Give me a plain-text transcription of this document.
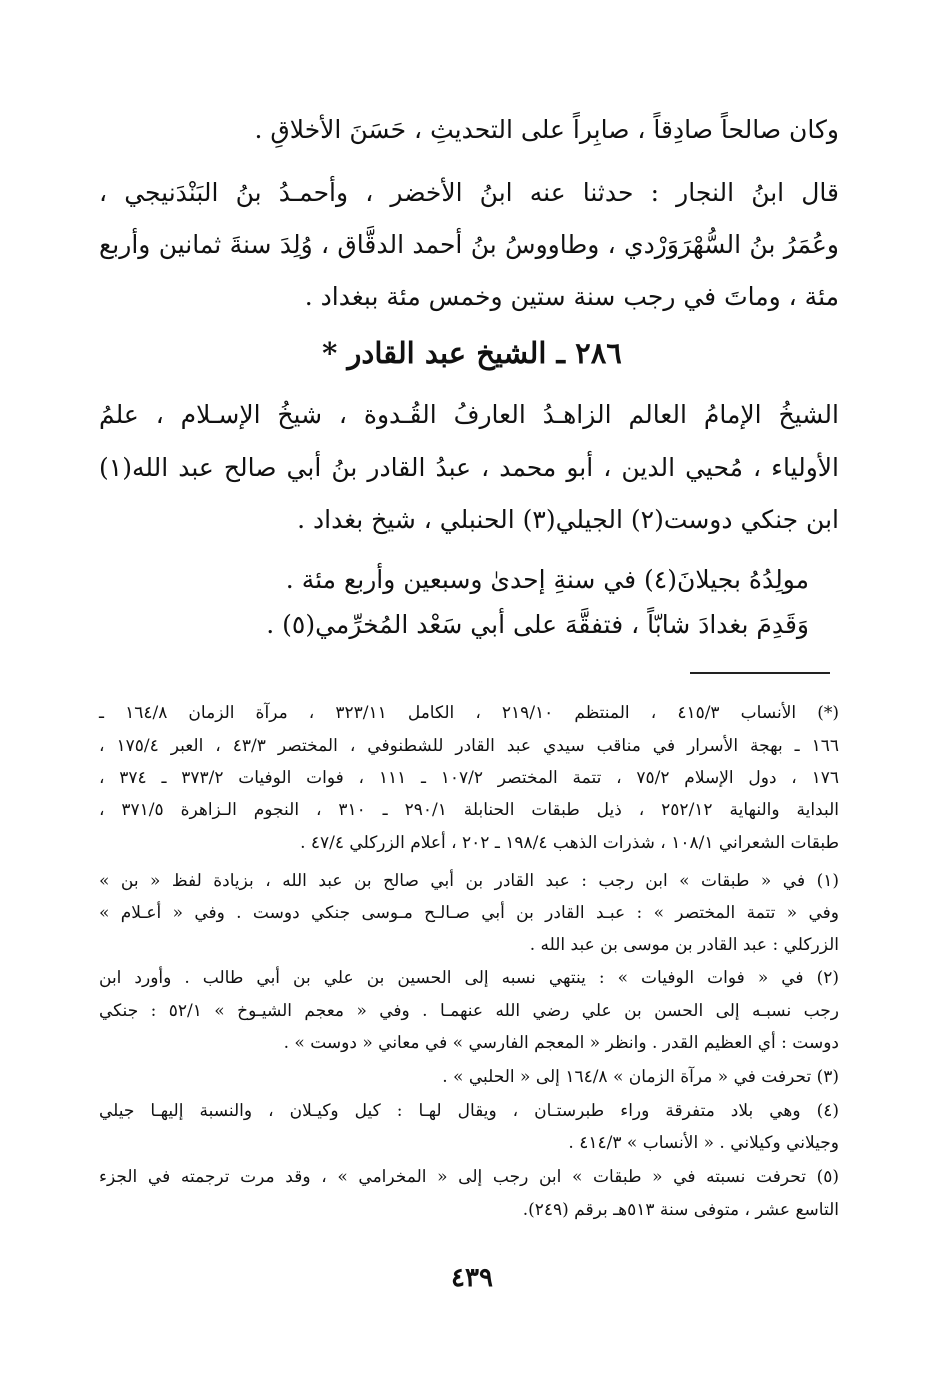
وكان صالحاً صادِقاً ، صابِراً على التحديثِ ، حَسَنَ الأخلاقِ .
قال ابنُ النجار : حدثنا عنه ابنُ الأخضر ، وأحمـدُ بنُ البَنْدَنيجي ،
وعُمَرُ بنُ السُّهْرَوَرْدي ، وطاووسُ بنُ أحمد الدقَّاق ، وُلِدَ سنةَ ثمانين وأربع
مئة ، وماتَ في رجب سنة ستين وخمس مئة ببغداد .
٢٨٦ ـ الشيخ عبد القادر *
الشيخُ الإمامُ العالم الزاهـدُ العارفُ القُـدوة ، شيخُ الإسـلام ، علمُ
الأولياء ، مُحيي الدين ، أبو محمد ، عبدُ القادر بنُ أبي صالح عبد الله(١)
ابن جنكي دوست(٢) الجيلي(٣) الحنبلي ، شيخ بغداد .
مولِدُهُ بجيلانَ(٤) في سنةِ إحدىٰ وسبعين وأربع مئة .
وَقَدِمَ بغدادَ شابّاً ، فتفقَّهَ على أبي سَعْد المُخرِّمي(٥) .
(*) الأنساب ٤١٥/٣ ، المنتظم ٢١٩/١٠ ، الكامل ٣٢٣/١١ ، مرآة الزمان ١٦٤/٨ ـ
١٦٦ ـ بهجة الأسرار في مناقب سيدي عبد القادر للشطنوفي ، المختصر ٤٣/٣ ، العبر ١٧٥/٤ ،
١٧٦ ، دول الإسلام ٧٥/٢ ، تتمة المختصر ١٠٧/٢ ـ ١١١ ، فوات الوفيات ٣٧٣/٢ ـ ٣٧٤ ،
البداية والنهاية ٢٥٢/١٢ ، ذيل طبقات الحنابلة ٢٩٠/١ ـ ٣١٠ ، النجوم الـزاهرة ٣٧١/٥ ،
طبقات الشعراني ١٠٨/١ ، شذرات الذهب ١٩٨/٤ ـ ٢٠٢ ، أعلام الزركلي ٤٧/٤ .
(١) في « طبقات » ابن رجب : عبد القادر بن أبي صالح بن عبد الله ، بزيادة لفظ « بن »
وفي « تتمة المختصر » : عبـد القادر بن أبي صـالـح مـوسى جنكي دوست . وفي « أعـلام »
الزركلي : عبد القادر بن موسى بن عبد الله .
(٢) في « فوات الوفيات » : ينتهي نسبه إلى الحسين بن علي بن أبي طالب . وأورد ابن
رجب نسبـه إلى الحسن بن علي رضي الله عنهمـا . وفي « معجم الشيـوخ » ٥٢/١ : جنكي
دوست : أي العظيم القدر . وانظر « المعجم الفارسي » في معاني « دوست » .
(٣) تحرفت في « مرآة الزمان » ١٦٤/٨ إلى « الحلبي » .
(٤) وهي بلاد متفرقة وراء طبرستـان ، ويقال لهـا : كيل وكيـلان ، والنسبة إليهـا جيلي
وجيلاني وكيلاني . « الأنساب » ٤١٤/٣ .
(٥) تحرفت نسبته في « طبقات » ابن رجب إلى « المخرامي » ، وقد مرت ترجمته في الجزء
التاسع عشر ، متوفى سنة ٥١٣هـ برقم (٢٤٩).
٤٣٩
